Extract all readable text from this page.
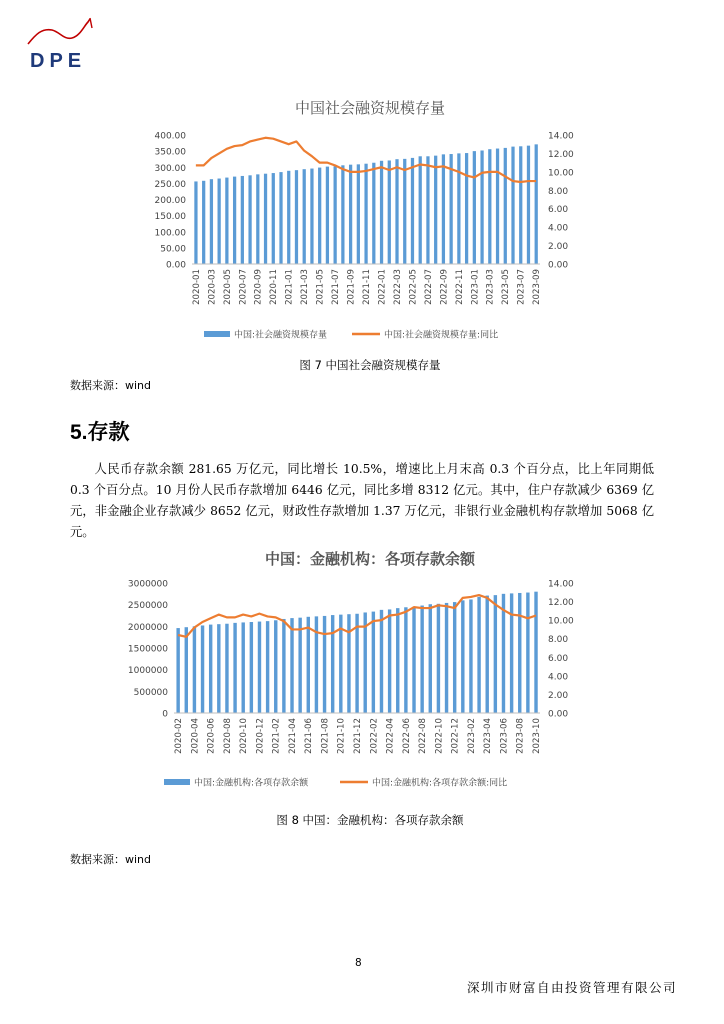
DPE
中国社会融资规模存量
0.00
50.00
100.00
150.00
200.00
250.00
300.00
350.00
400.00
0.00
2.00
4.00
6.00
8.00
10.00
12.00
14.00
2020-01 2020-03 2020-05 2020-07 2020-09 2020-11 2021-01 2021-03 2021-05 2021-07 2021-09 2021-11 2022-01 2022-03 2022-05 2022-07 2022-09 2022-11 2023-01 2023-03 2023-05 2023-07 2023-09
中国:社会融资规模存量	中国:社会融资规模存量:同比
图 7 中国社会融资规模存量
数据来源：wind
5.存款
人民币存款余额 281.65 万亿元，同比增长 10.5%，增速比上月末高 0.3 个百分点，比上年同期低 0.3 个百分点。10 月份人民币存款增加 6446 亿元，同比多增 8312 亿元。其中，住户存款减少 6369 亿元，非金融企业存款减少 8652 亿元，财政性存款增加 1.37 万亿元，非银行业金融机构存款增加 5068 亿元。
中国：金融机构：各项存款余额
0
500000
1000000
1500000
2000000
2500000
3000000
0.00
2.00
4.00
6.00
8.00
10.00
12.00
14.00
2020-02 2020-04 2020-06 2020-08 2020-10 2020-12 2021-02 2021-04 2021-06 2021-08 2021-10 2021-12 2022-02 2022-04 2022-06 2022-08 2022-10 2022-12 2023-02 2023-04 2023-06 2023-08 2023-10
中国:金融机构:各项存款余额	中国:金融机构:各项存款余额:同比
图 8 中国：金融机构：各项存款余额
数据来源：wind
8
深圳市财富自由投资管理有限公司
